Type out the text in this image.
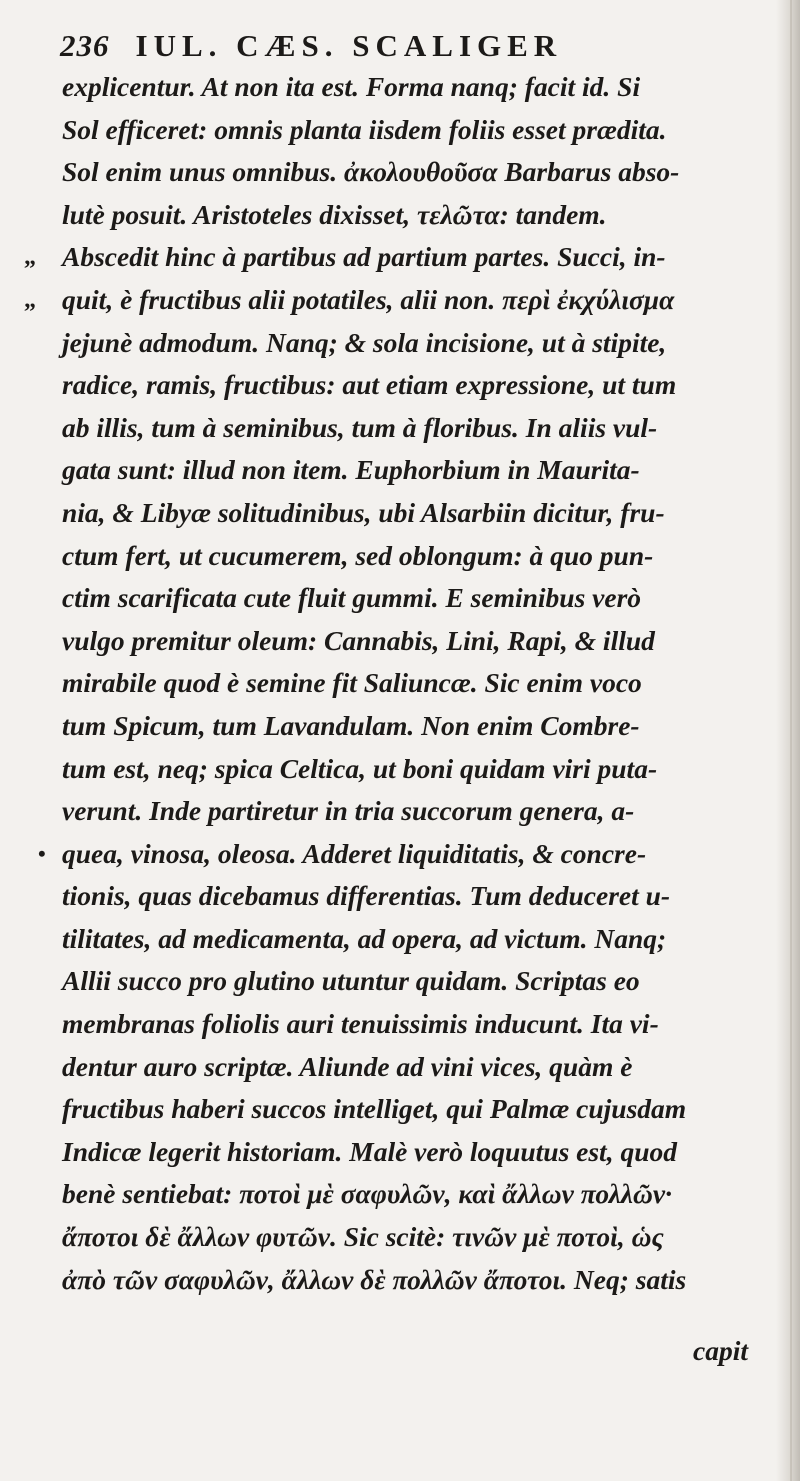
236 IUL. CÆS. SCALIGER
explicentur. At non ita est. Forma nanq; facit id. Si
Sol efficeret: omnis planta iisdem foliis esset prædita.
Sol enim unus omnibus. ἀκολουθοῦσα Barbarus abso-
lutè posuit. Aristoteles dixisset, τελῶτα: tandem.
„ Abscedit hinc à partibus ad partium partes. Succi, in-
„ quit, è fructibus alii potatiles, alii non. περὶ ἐκχύλισμα
jejunè admodum. Nanq; & sola incisione, ut à stipite,
radice, ramis, fructibus: aut etiam expressione, ut tum
ab illis, tum à seminibus, tum à floribus. In aliis vul-
gata sunt: illud non item. Euphorbium in Maurita-
nia, & Libyæ solitudinibus, ubi Alsarbiin dicitur, fru-
ctum fert, ut cucumerem, sed oblongum: à quo pun-
ctim scarificata cute fluit gummi. E seminibus verò
vulgo premitur oleum: Cannabis, Lini, Rapi, & illud
mirabile quod è semine fit Saliuncæ. Sic enim voco
tum Spicum, tum Lavandulam. Non enim Combre-
tum est, neq; spica Celtica, ut boni quidam viri puta-
verunt. Inde partiretur in tria succorum genera, a-
• quea, vinosa, oleosa. Adderet liquiditatis, & concre-
tionis, quas dicebamus differentias. Tum deduceret u-
tilitates, ad medicamenta, ad opera, ad victum. Nanq;
Allii succo pro glutino utuntur quidam. Scriptas eo
membranas foliolis auri tenuissimis inducunt. Ita vi-
dentur auro scriptæ. Aliunde ad vini vices, quàm è
fructibus haberi succos intelliget, qui Palmæ cujusdam
Indicæ legerit historiam. Malè verò loquutus est, quod
benè sentiebat: ποτοὶ μὲ σαφυλῶν, καὶ ἄλλων πολλῶν·
ἄποτοι δὲ ἄλλων φυτῶν. Sic scitè: τινῶν μὲ ποτοὶ, ὡς
ἀπὸ τῶν σαφυλῶν, ἄλλων δὲ πολλῶν ἄποτοι. Neq; satis
capit
